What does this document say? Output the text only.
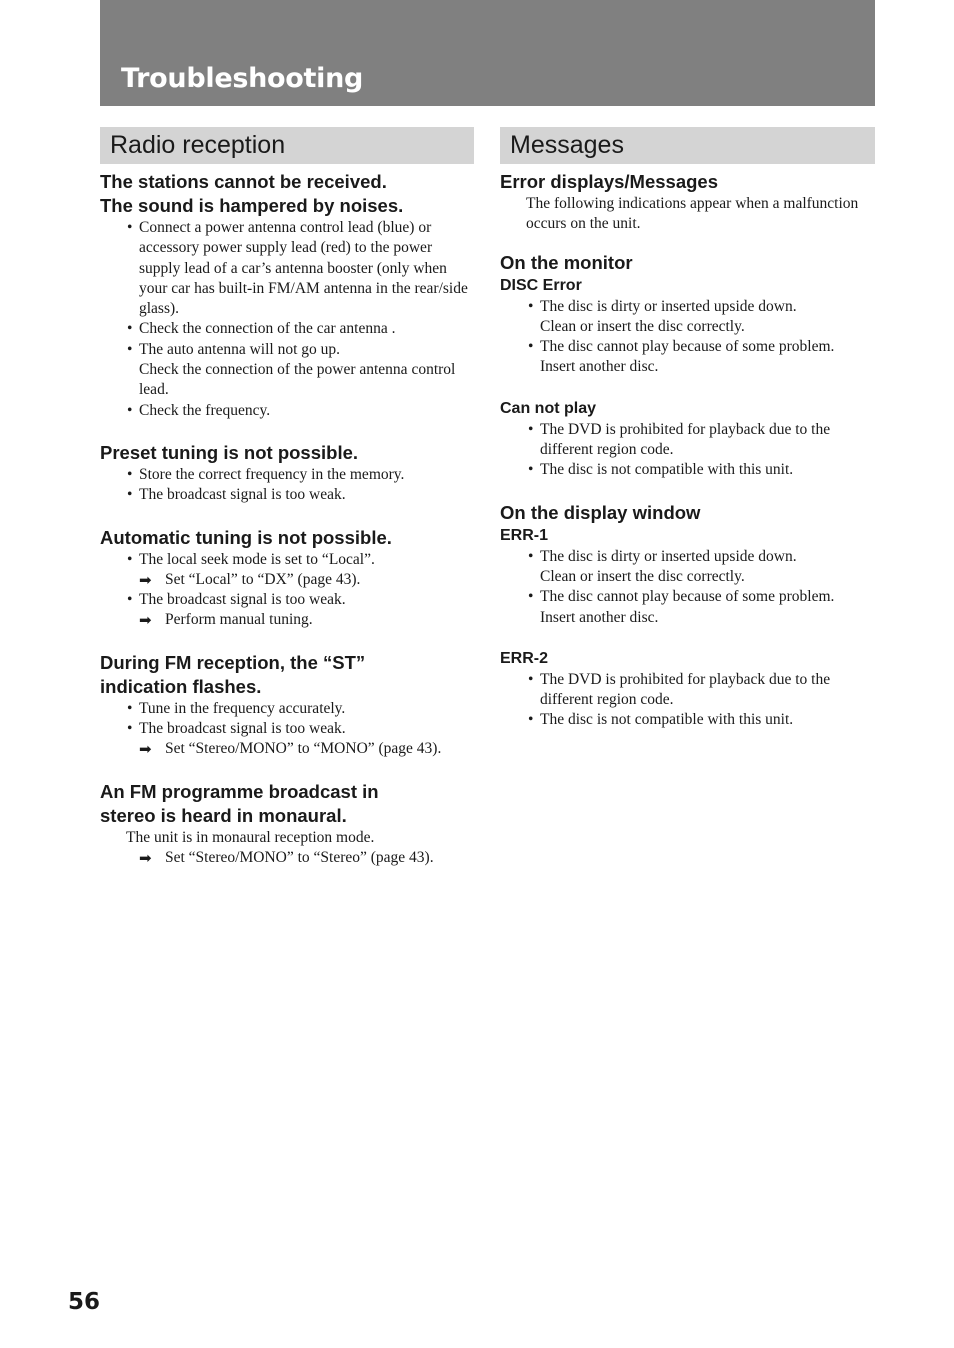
Troubleshooting
Radio reception
The stations cannot be received.
The sound is hampered by noises.
• Connect a power antenna control lead (blue) or accessory power supply lead (red) to the power supply lead of a car’s antenna booster (only when your car has built-in FM/AM antenna in the rear/side glass).
• Check the connection of the car antenna .
• The auto antenna will not go up.
Check the connection of the power antenna control lead.
• Check the frequency.
Preset tuning is not possible.
• Store the correct frequency in the memory.
• The broadcast signal is too weak.
Automatic tuning is not possible.
• The local seek mode is set to “Local”.
➡ Set “Local” to “DX” (page 43).
• The broadcast signal is too weak.
➡ Perform manual tuning.
During FM reception, the “ST”
indication flashes.
• Tune in the frequency accurately.
• The broadcast signal is too weak.
➡ Set “Stereo/MONO” to “MONO” (page 43).
An FM programme broadcast in
stereo is heard in monaural.
The unit is in monaural reception mode.
➡ Set “Stereo/MONO” to “Stereo” (page 43).
Messages
Error displays/Messages
The following indications appear when a malfunction occurs on the unit.
On the monitor
DISC Error
• The disc is dirty or inserted upside down.
Clean or insert the disc correctly.
• The disc cannot play because of some problem.
Insert another disc.
Can not play
• The DVD is prohibited for playback due to the different region code.
• The disc is not compatible with this unit.
On the display window
ERR-1
• The disc is dirty or inserted upside down.
Clean or insert the disc correctly.
• The disc cannot play because of some problem.
Insert another disc.
ERR-2
• The DVD is prohibited for playback due to the different region code.
• The disc is not compatible with this unit.

56
